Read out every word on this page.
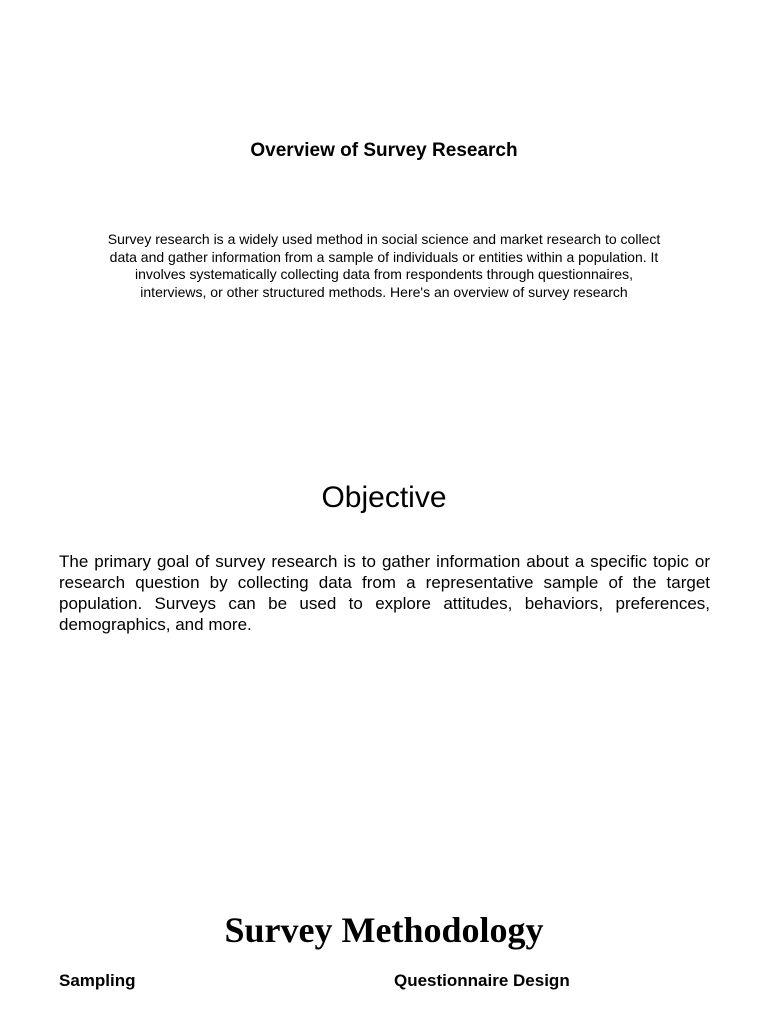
Overview of Survey Research

Survey research is a widely used method in social science and market research to collect data and gather information from a sample of individuals or entities within a population. It involves systematically collecting data from respondents through questionnaires, interviews, or other structured methods. Here's an overview of survey research

Objective

The primary goal of survey research is to gather information about a specific topic or research question by collecting data from a representative sample of the target population. Surveys can be used to explore attitudes, behaviors, preferences, demographics, and more.

Survey Methodology
Sampling	Questionnaire Design
